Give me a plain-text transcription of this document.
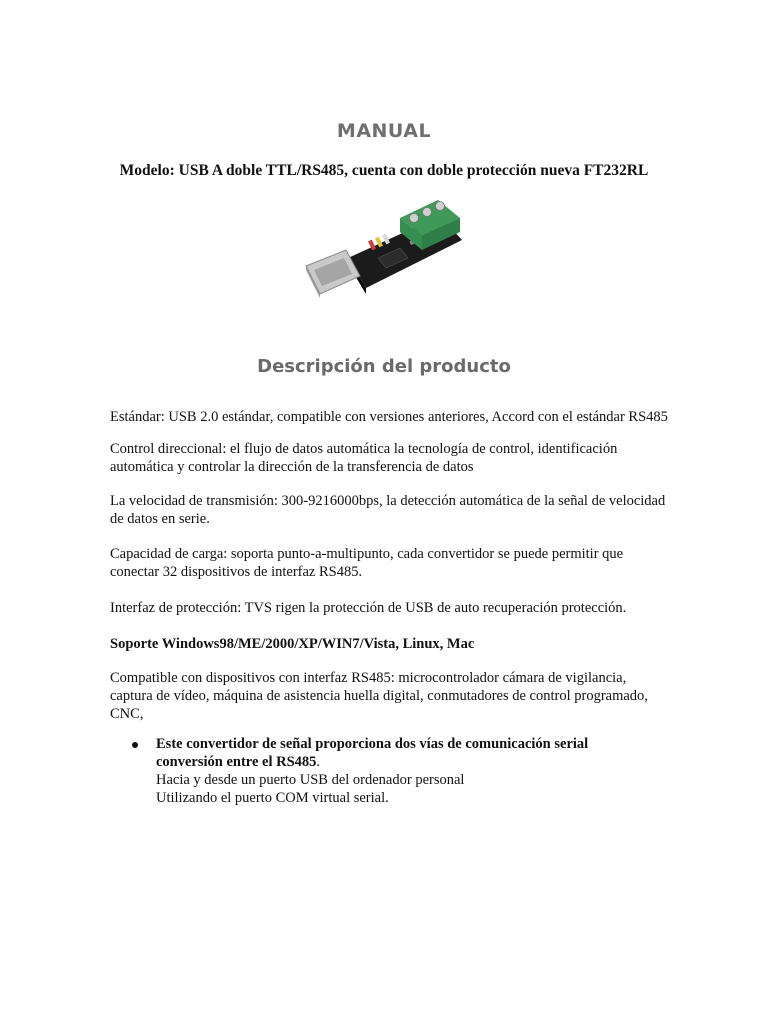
MANUAL

Modelo: USB A doble TTL/RS485, cuenta con doble protección nueva FT232RL

Descripción del producto

Estándar: USB 2.0 estándar, compatible con versiones anteriores, Accord con el estándar RS485

Control direccional: el flujo de datos automática la tecnología de control, identificación automática y controlar la dirección de la transferencia de datos

La velocidad de transmisión: 300-9216000bps, la detección automática de la señal de velocidad de datos en serie.

Capacidad de carga: soporta punto-a-multipunto, cada convertidor se puede permitir que conectar 32 dispositivos de interfaz RS485.

Interfaz de protección: TVS rigen la protección de USB de auto recuperación protección.

Soporte Windows98/ME/2000/XP/WIN7/Vista, Linux, Mac

Compatible con dispositivos con interfaz RS485: microcontrolador cámara de vigilancia, captura de vídeo, máquina de asistencia huella digital, conmutadores de control programado, CNC,

Este convertidor de señal proporciona dos vías de comunicación serial conversión entre el RS485.
Hacia y desde un puerto USB del ordenador personal
Utilizando el puerto COM virtual serial.
